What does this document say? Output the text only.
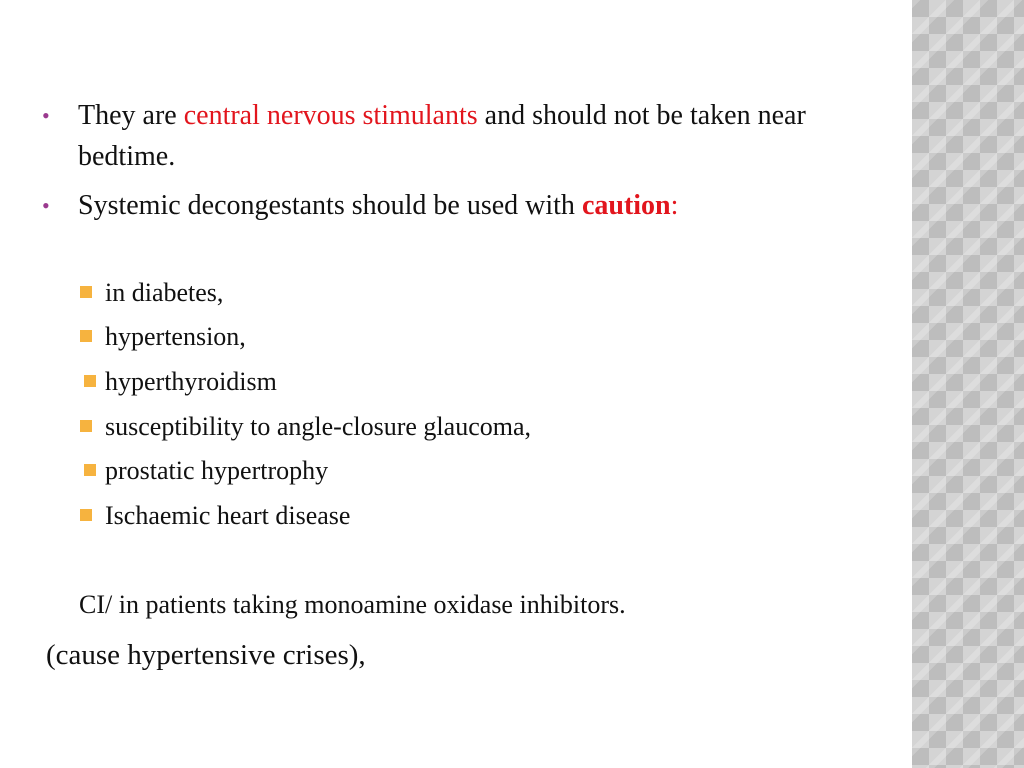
• They are central nervous stimulants and should not be taken near bedtime.
• Systemic decongestants should be used with caution:
in diabetes,
hypertension,
hyperthyroidism
susceptibility to angle-closure glaucoma,
prostatic hypertrophy
Ischaemic heart disease
CI/ in patients taking monoamine oxidase inhibitors.
(cause hypertensive crises),
